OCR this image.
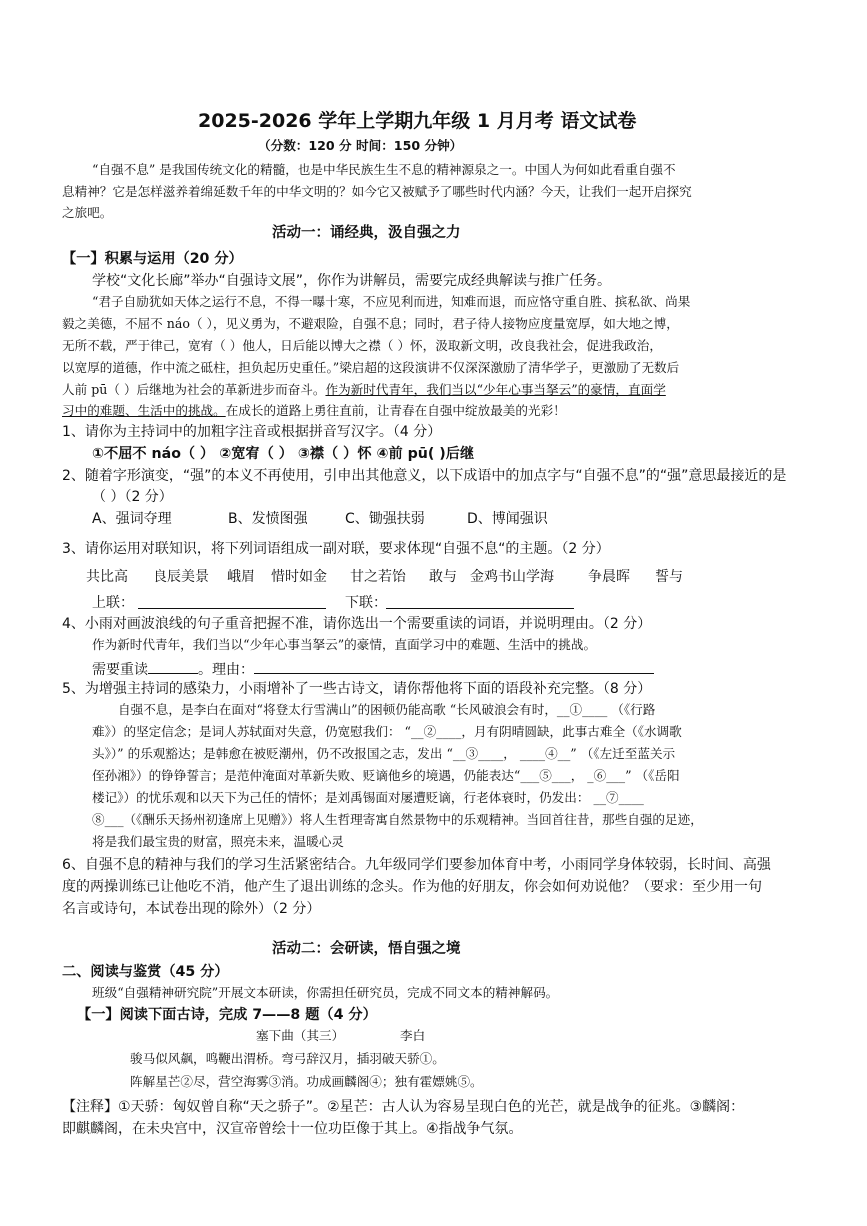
2025-2026 学年上学期九年级 1 月月考 语文试卷
（分数：120 分 时间：150 分钟）
“自强不息” 是我国传统文化的精髓，也是中华民族生生不息的精神源泉之一。中国人为何如此看重自强不
息精神？它是怎样滋养着绵延数千年的中华文明的？如今它又被赋予了哪些时代内涵？今天，让我们一起开启探究
之旅吧。
活动一：诵经典，汲自强之力
【一】积累与运用（20 分）
学校“文化长廊”举办“自强诗文展”，你作为讲解员，需要完成经典解读与推广任务。
“君子自励犹如天体之运行不息，不得一曝十寒，不应见利而进，知难而退，而应恪守重自胜、摈私欲、尚果
毅之美德，不屈不 náo（ ），见义勇为，不避艰险，自强不息；同时，君子待人接物应度量宽厚，如大地之博，
无所不载，严于律己，宽宥（ ）他人，日后能以博大之襟（ ）怀，汲取新文明，改良我社会，促进我政治，
以宽厚的道德，作中流之砥柱，担负起历史重任。”梁启超的这段演讲不仅深深激励了清华学子，更激励了无数后
人前 pū（ ）后继地为社会的革新进步而奋斗。作为新时代青年，我们当以“少年心事当拏云”的豪情，直面学
习中的难题、生活中的挑战。在成长的道路上勇往直前，让青春在自强中绽放最美的光彩！
1、请你为主持词中的加粗字注音或根据拼音写汉字。（4 分）
①不屈不 náo（ ） ②宽宥（ ） ③襟（ ）怀 ④前 pū( )后继
2、随着字形演变，“强”的本义不再使用，引申出其他意义，以下成语中的加点字与“自强不息”的“强”意思最接近的是
（ ）（2 分）
A、强词夺理	B、发愤图强	C、锄强扶弱	D、博闻强识
3、请你运用对联知识，将下列词语组成一副对联，要求体现“自强不息“的主题。（2 分）
共比高 良辰美景 峨眉 惜时如金 甘之若饴 敢与 金鸡书山学海 争晨晖 誓与
上联：	下联：
4、小雨对画波浪线的句子重音把握不准，请你选出一个需要重读的词语，并说明理由。（2 分）
作为新时代青年，我们当以“少年心事当拏云”的豪情，直面学习中的难题、生活中的挑战。
需要重读	。理由：
5、为增强主持词的感染力，小雨增补了一些古诗文，请你帮他将下面的语段补充完整。（8 分）
自强不息，是李白在面对“将登太行雪满山”的困顿仍能高歌 “长风破浪会有时，__①____ （《行路
难》）的坚定信念；是词人苏轼面对失意，仍宽慰我们： “__②____，月有阴晴圆缺，此事古难全（《水调歌
头》）” 的乐观豁达；是韩愈在被贬潮州，仍不改报国之志，发出 “__③____， ____④__” （《左迁至蓝关示
侄孙湘》）的铮铮誓言；是范仲淹面对革新失败、贬谪他乡的境遇，仍能表达“___⑤___， _⑥___” （《岳阳
楼记》）的忧乐观和以天下为己任的情怀；是刘禹锡面对屡遭贬谪，行老体衰时，仍发出： __⑦____
⑧___（《酬乐天扬州初逢席上见赠》）将人生哲理寄寓自然景物中的乐观精神。当回首往昔，那些自强的足迹，
将是我们最宝贵的财富，照亮未来，温暖心灵
6、自强不息的精神与我们的学习生活紧密结合。九年级同学们要参加体育中考，小雨同学身体较弱，长时间、高强
度的两操训练已让他吃不消，他产生了退出训练的念头。作为他的好朋友，你会如何劝说他？（要求：至少用一句
名言或诗句，本试卷出现的除外）（2 分）
活动二：会研读，悟自强之境
二、阅读与鉴赏（45 分）
班级“自强精神研究院”开展文本研读，你需担任研究员，完成不同文本的精神解码。
【一】阅读下面古诗，完成 7——8 题（4 分）
塞下曲（其三）	李白
骏马似风飙，鸣鞭出渭桥。弯弓辞汉月，插羽破天骄①。
阵解星芒②尽，营空海雾③消。功成画麟阁④；独有霍嫖姚⑤。
【注释】①天骄：匈奴曾自称“天之骄子”。②星芒：古人认为容易呈现白色的光芒，就是战争的征兆。③麟阁：
即麒麟阁，在未央宫中，汉宣帝曾绘十一位功臣像于其上。④指战争气氛。
